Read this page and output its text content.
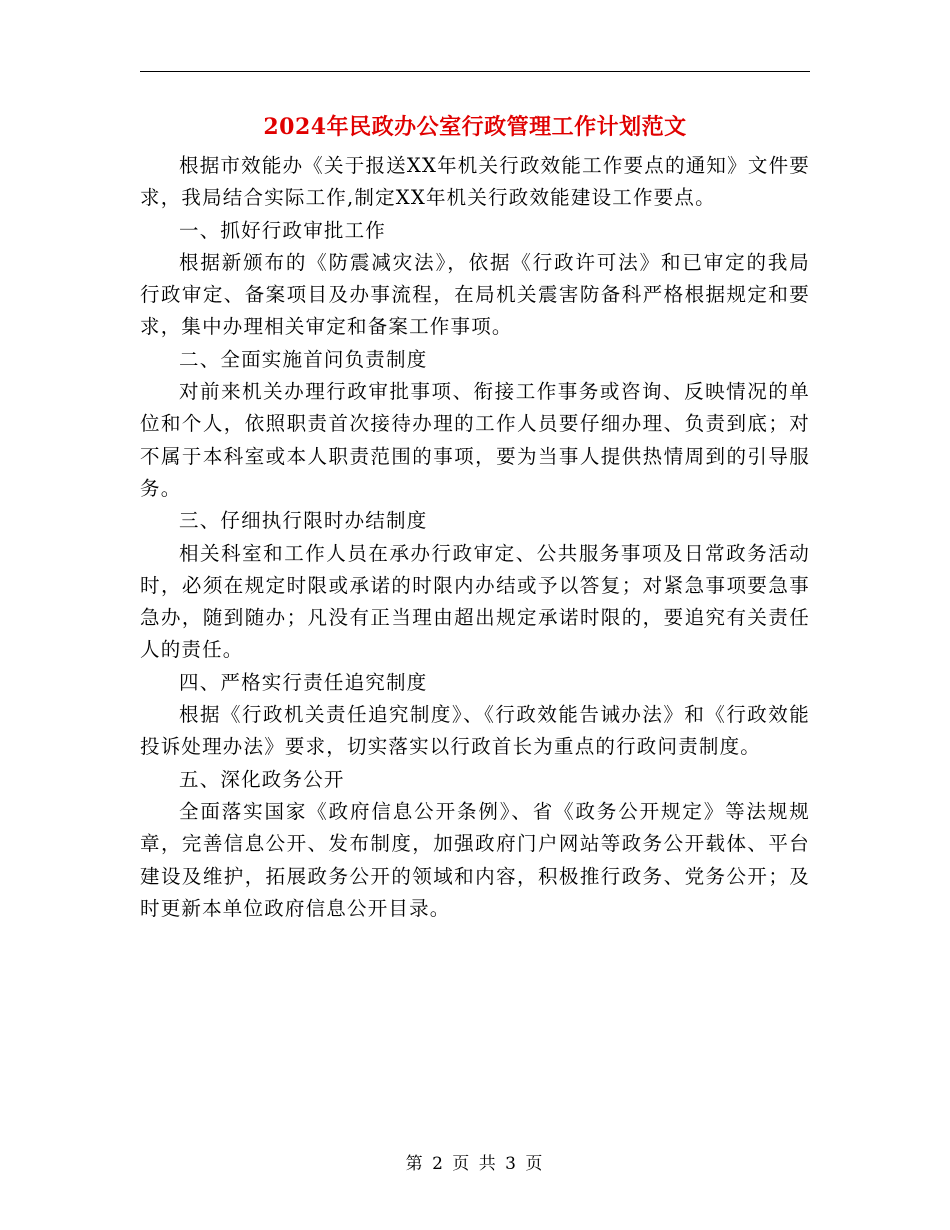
2024年民政办公室行政管理工作计划范文

根据市效能办《关于报送XX年机关行政效能工作要点的通知》文件要求，我局结合实际工作,制定XX年机关行政效能建设工作要点。

一、抓好行政审批工作

根据新颁布的《防震减灾法》，依据《行政许可法》和已审定的我局行政审定、备案项目及办事流程，在局机关震害防备科严格根据规定和要求，集中办理相关审定和备案工作事项。

二、全面实施首问负责制度

对前来机关办理行政审批事项、衔接工作事务或咨询、反映情况的单位和个人，依照职责首次接待办理的工作人员要仔细办理、负责到底；对不属于本科室或本人职责范围的事项，要为当事人提供热情周到的引导服务。

三、仔细执行限时办结制度

相关科室和工作人员在承办行政审定、公共服务事项及日常政务活动时，必须在规定时限或承诺的时限内办结或予以答复；对紧急事项要急事急办，随到随办；凡没有正当理由超出规定承诺时限的，要追究有关责任人的责任。

四、严格实行责任追究制度

根据《行政机关责任追究制度》、《行政效能告诫办法》和《行政效能投诉处理办法》要求，切实落实以行政首长为重点的行政问责制度。

五、深化政务公开

全面落实国家《政府信息公开条例》、省《政务公开规定》等法规规章，完善信息公开、发布制度，加强政府门户网站等政务公开载体、平台建设及维护，拓展政务公开的领域和内容，积极推行政务、党务公开；及时更新本单位政府信息公开目录。

第 2 页 共 3 页
